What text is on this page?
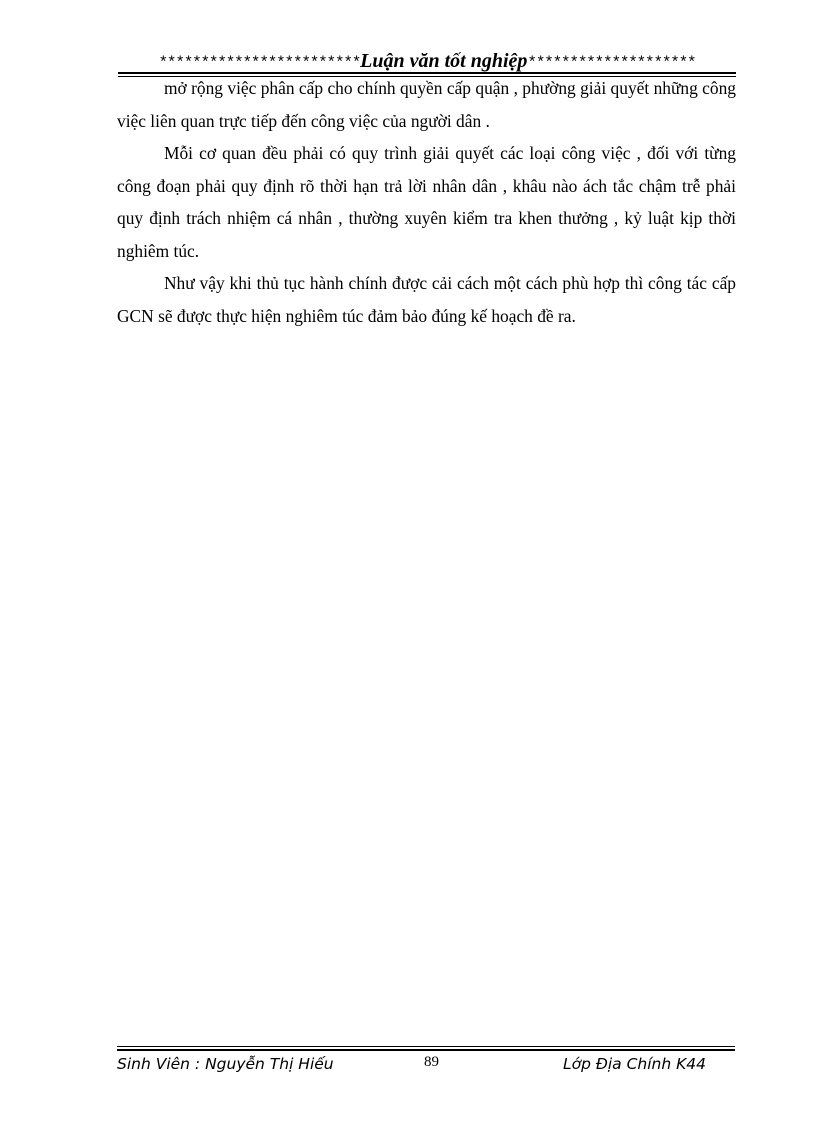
************************Luận văn tốt nghiệp********************

mở rộng việc phân cấp cho chính quyền cấp quận , phường giải quyết những công việc liên quan trực tiếp đến công việc của người dân .

Mỗi cơ quan đều phải có quy trình giải quyết các loại công việc , đối với từng công đoạn phải quy định rõ thời hạn trả lời nhân dân , khâu nào ách tắc chậm trễ phải quy định trách nhiệm cá nhân , thường xuyên kiểm tra khen thưởng , kỷ luật kịp thời nghiêm túc.

Như vậy khi thủ tục hành chính được cải cách một cách phù hợp thì công tác cấp GCN sẽ được thực hiện nghiêm túc đảm bảo đúng kế hoạch đề ra.

Sinh Viên : Nguyễn Thị Hiếu	89	Lớp Địa Chính K44
